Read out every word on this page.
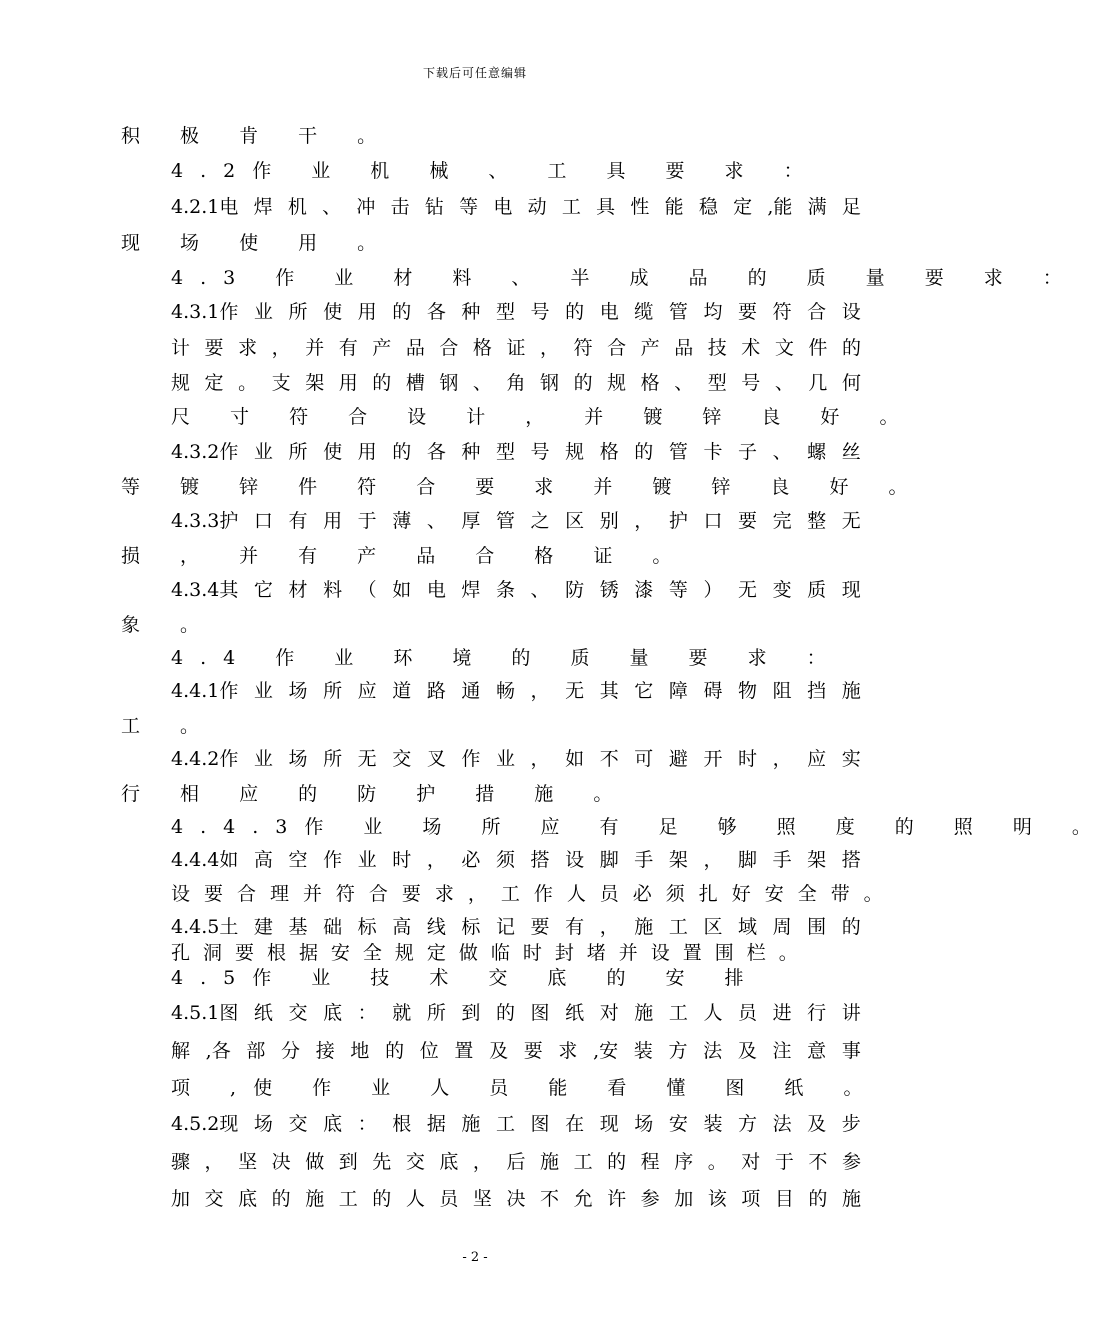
下载后可任意编辑
积 极 肯 干 。
4.2作 业 机 械 、 工 具 要 求 ：
4.2.1电 焊 机 、 冲 击 钻 等 电 动 工 具 性 能 稳 定 ,能 满 足
现 场 使 用 。
4.3 作 业 材 料 、 半 成 品 的 质 量 要 求 ：
4.3.1作 业 所 使 用 的 各 种 型 号 的 电 缆 管 均 要 符 合 设
计 要 求 ， 并 有 产 品 合 格 证 ， 符 合 产 品 技 术 文 件 的
规 定 。 支 架 用 的 槽 钢 、 角 钢 的 规 格 、 型 号 、 几 何
尺 寸 符 合 设 计 ， 并 镀 锌 良 好 。
4.3.2作 业 所 使 用 的 各 种 型 号 规 格 的 管 卡 子 、 螺 丝
等 镀 锌 件 符 合 要 求 并 镀 锌 良 好 。
4.3.3护 口 有 用 于 薄 、 厚 管 之 区 别 ， 护 口 要 完 整 无
损 ， 并 有 产 品 合 格 证 。
4.3.4其 它 材 料 （ 如 电 焊 条 、 防 锈 漆 等 ） 无 变 质 现
象 。
4.4 作 业 环 境 的 质 量 要 求 ：
4.4.1作 业 场 所 应 道 路 通 畅 ， 无 其 它 障 碍 物 阻 挡 施
工 。
4.4.2作 业 场 所 无 交 叉 作 业 ， 如 不 可 避 开 时 ， 应 实
行 相 应 的 防 护 措 施 。
4.4.3作 业 场 所 应 有 足 够 照 度 的 照 明 。
4.4.4如 高 空 作 业 时 ， 必 须 搭 设 脚 手 架 ， 脚 手 架 搭
设 要 合 理 并 符 合 要 求 ， 工 作 人 员 必 须 扎 好 安 全 带 。
4.4.5土 建 基 础 标 高 线 标 记 要 有 ， 施 工 区 域 周 围 的
孔 洞 要 根 据 安 全 规 定 做 临 时 封 堵 并 设 置 围 栏 。
4.5作 业 技 术 交 底 的 安 排
4.5.1图 纸 交 底 ： 就 所 到 的 图 纸 对 施 工 人 员 进 行 讲
解 ,各 部 分 接 地 的 位 置 及 要 求 ,安 装 方 法 及 注 意 事
项 ,使 作 业 人 员 能 看 懂 图 纸 。
4.5.2现 场 交 底 ： 根 据 施 工 图 在 现 场 安 装 方 法 及 步
骤 ， 坚 决 做 到 先 交 底 ， 后 施 工 的 程 序 。 对 于 不 参
加 交 底 的 施 工 的 人 员 坚 决 不 允 许 参 加 该 项 目 的 施
- 2 -
